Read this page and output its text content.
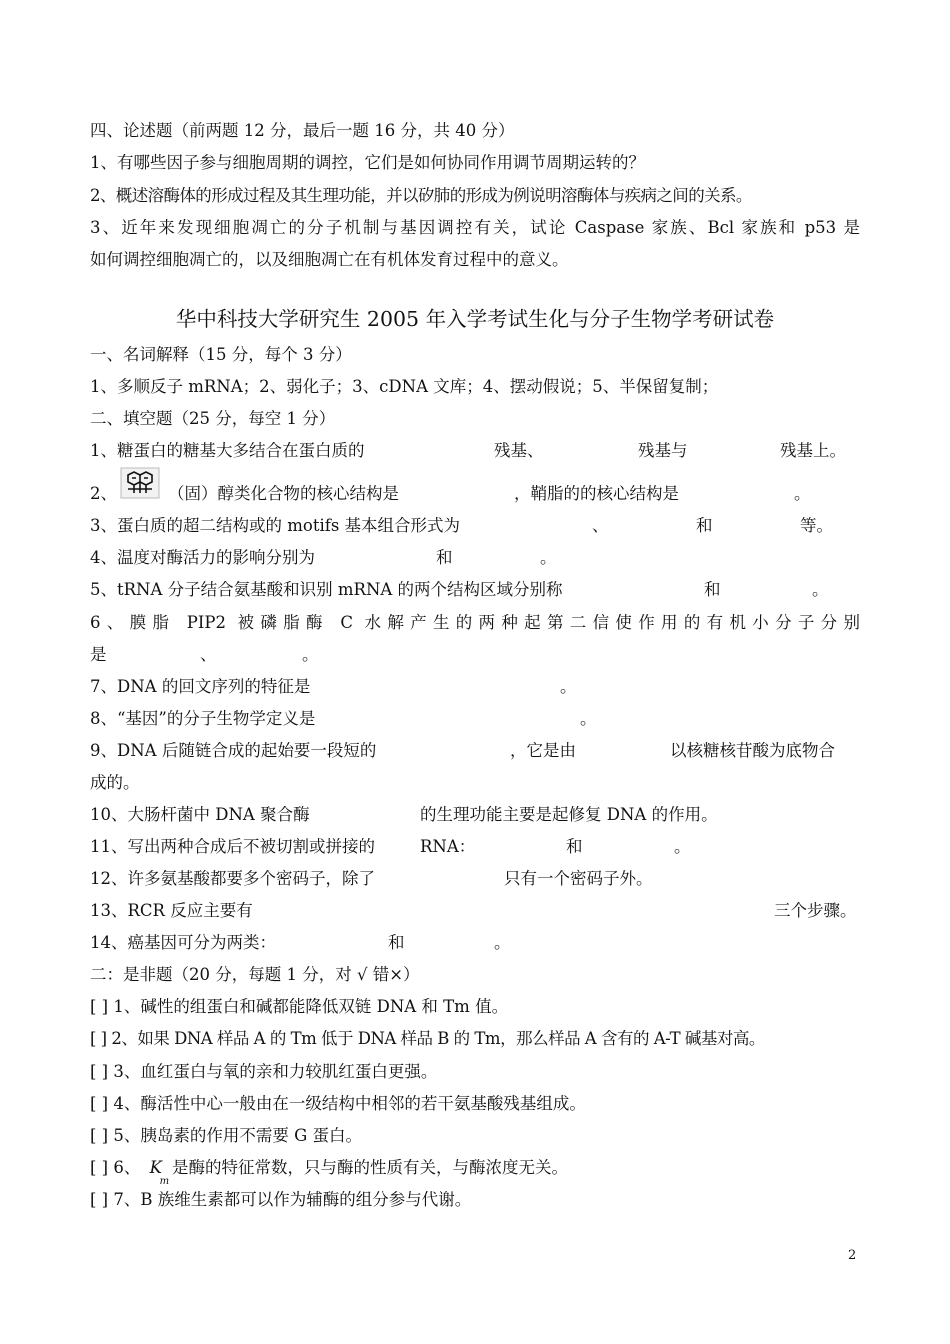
四、论述题（前两题 12 分，最后一题 16 分，共 40 分）
1、有哪些因子参与细胞周期的调控，它们是如何协同作用调节周期运转的？
2、概述溶酶体的形成过程及其生理功能，并以矽肺的形成为例说明溶酶体与疾病之间的关系。
3、近年来发现细胞凋亡的分子机制与基因调控有关，试论 Caspase 家族、Bcl 家族和 p53 是
如何调控细胞凋亡的，以及细胞凋亡在有机体发育过程中的意义。
华中科技大学研究生 2005 年入学考试生化与分子生物学考研试卷
一、名词解释（15 分，每个 3 分）
1、多顺反子 mRNA；2、弱化子；3、cDNA 文库；4、摆动假说；5、半保留复制；
二、填空题（25 分，每空 1 分）
1、糖蛋白的糖基大多结合在蛋白质的	残基、	残基与	残基上。
2、	（固）醇类化合物的核心结构是	，鞘脂的的核心结构是	。
3、蛋白质的超二结构或的 motifs 基本组合形式为	、	和	等。
4、温度对酶活力的影响分别为	和	。
5、tRNA 分子结合氨基酸和识别 mRNA 的两个结构区域分别称	和	。
6、膜脂 PIP2 被磷脂酶 C 水解产生的两种起第二信使作用的有机小分子分别
是	、	。
7、DNA 的回文序列的特征是	。
8、“基因”的分子生物学定义是	。
9、DNA 后随链合成的起始要一段短的	，它是由	以核糖核苷酸为底物合
成的。
10、大肠杆菌中 DNA 聚合酶	的生理功能主要是起修复 DNA 的作用。
11、写出两种合成后不被切割或拼接的	RNA：	和	。
12、许多氨基酸都要多个密码子，除了	只有一个密码子外。
13、RCR 反应主要有	三个步骤。
14、癌基因可分为两类：	和	。
二：是非题（20 分，每题 1 分，对 √ 错×）
[ ] 1、碱性的组蛋白和碱都能降低双链 DNA 和 Tm 值。
[ ] 2、如果 DNA 样品 A 的 Tm 低于 DNA 样品 B 的 Tm，那么样品 A 含有的 A-T 碱基对高。
[ ] 3、血红蛋白与氧的亲和力较肌红蛋白更强。
[ ] 4、酶活性中心一般由在一级结构中相邻的若干氨基酸残基组成。
[ ] 5、胰岛素的作用不需要 G 蛋白。
[ ] 6、 K
m
是酶的特征常数，只与酶的性质有关，与酶浓度无关。
[ ] 7、B 族维生素都可以作为辅酶的组分参与代谢。
2
